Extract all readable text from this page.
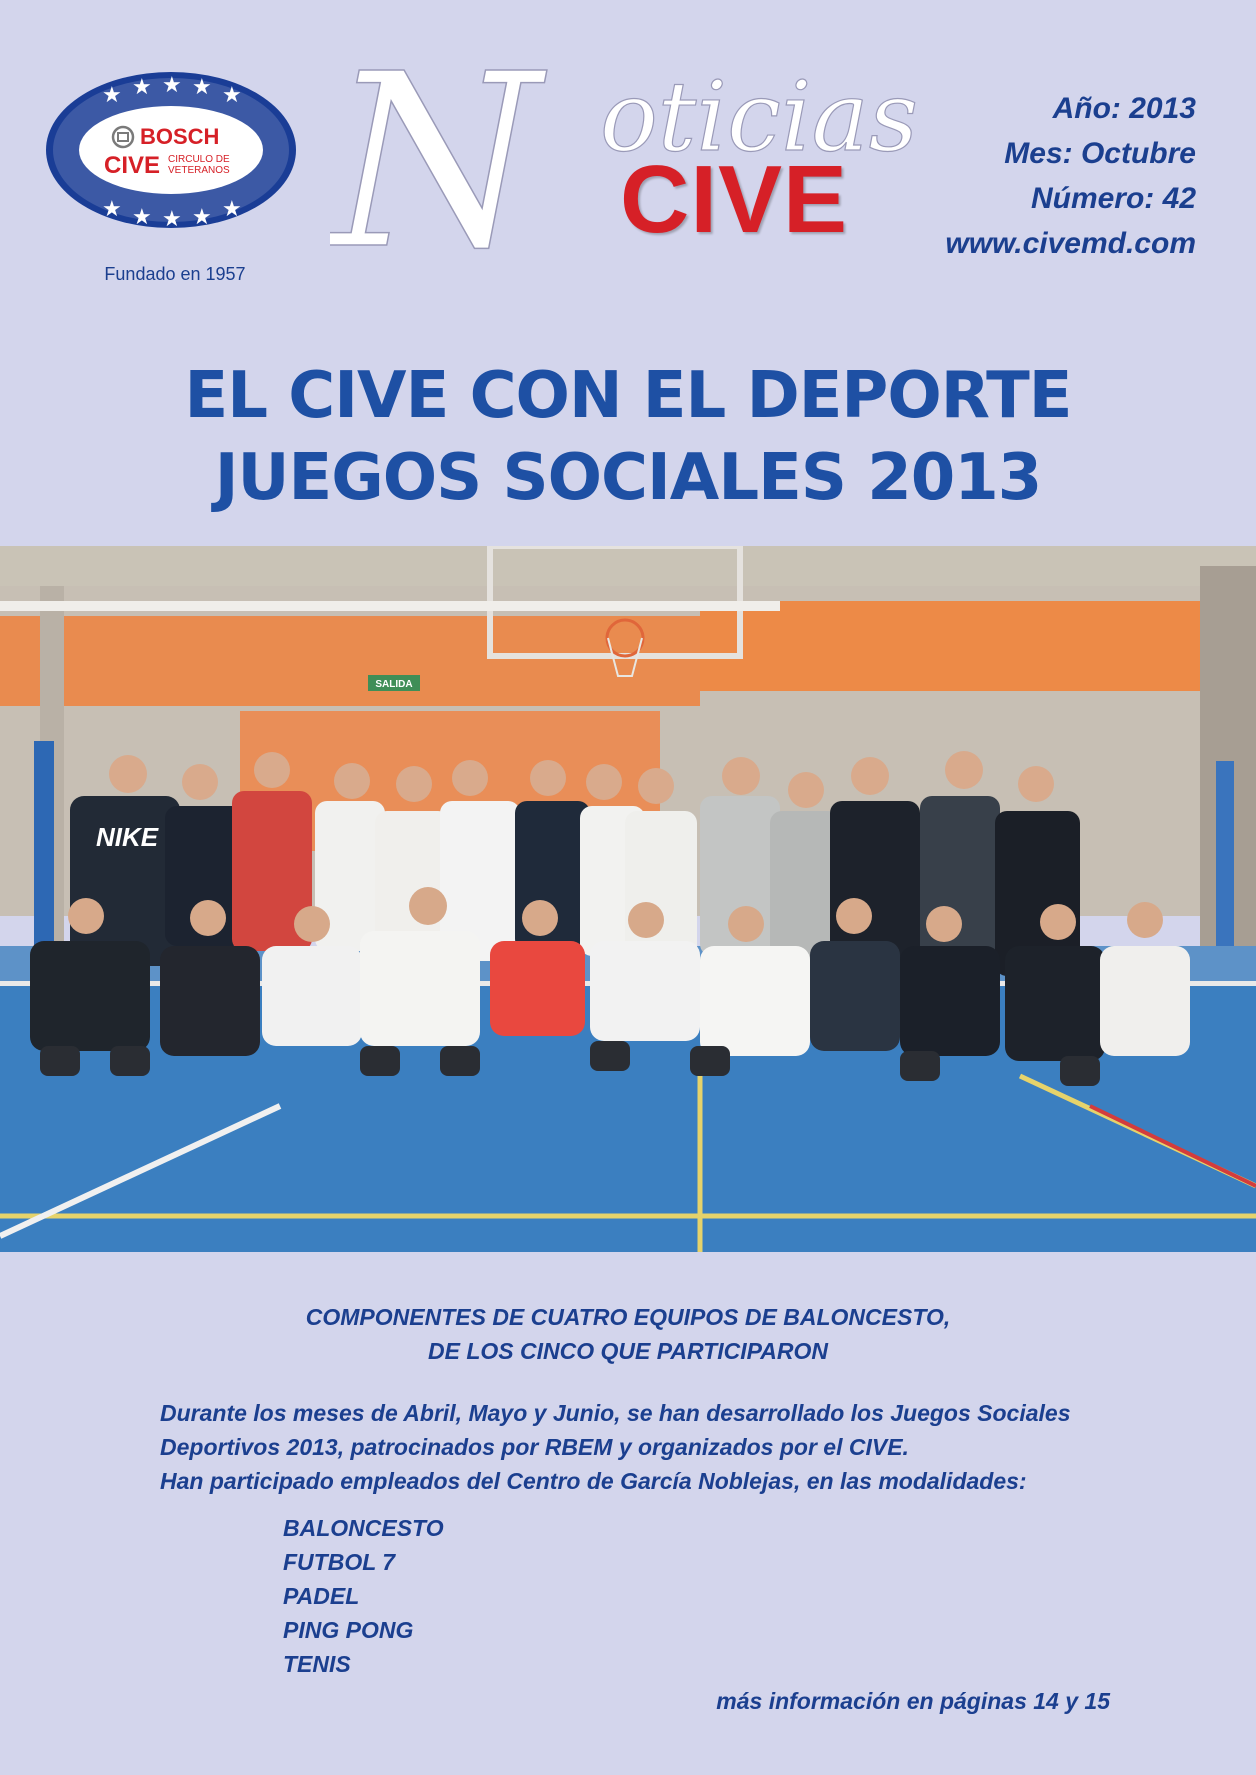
★ ★ ★ ★ ★
★ ★ ★ ★ ★
BOSCH
CIVE CIRCULO DE
VETERANOS
Fundado en 1957 N oticias
CIVE
Año: 2013
Mes: Octubre
Número: 42
www.civemd.com
EL CIVE CON EL DEPORTE
JUEGOS SOCIALES 2013
SALIDA
NIKE

COMPONENTES DE CUATRO EQUIPOS DE BALONCESTO,

DE LOS CINCO QUE PARTICIPARON

Durante los meses de Abril, Mayo y Junio, se han desarrollado los Juegos Sociales

Deportivos 2013, patrocinados por RBEM y organizados por el CIVE.

Han participado empleados del Centro de García Noblejas, en las modalidades:

BALONCESTO

FUTBOL 7

PADEL

PING PONG

TENIS

más información en páginas 14 y 15
